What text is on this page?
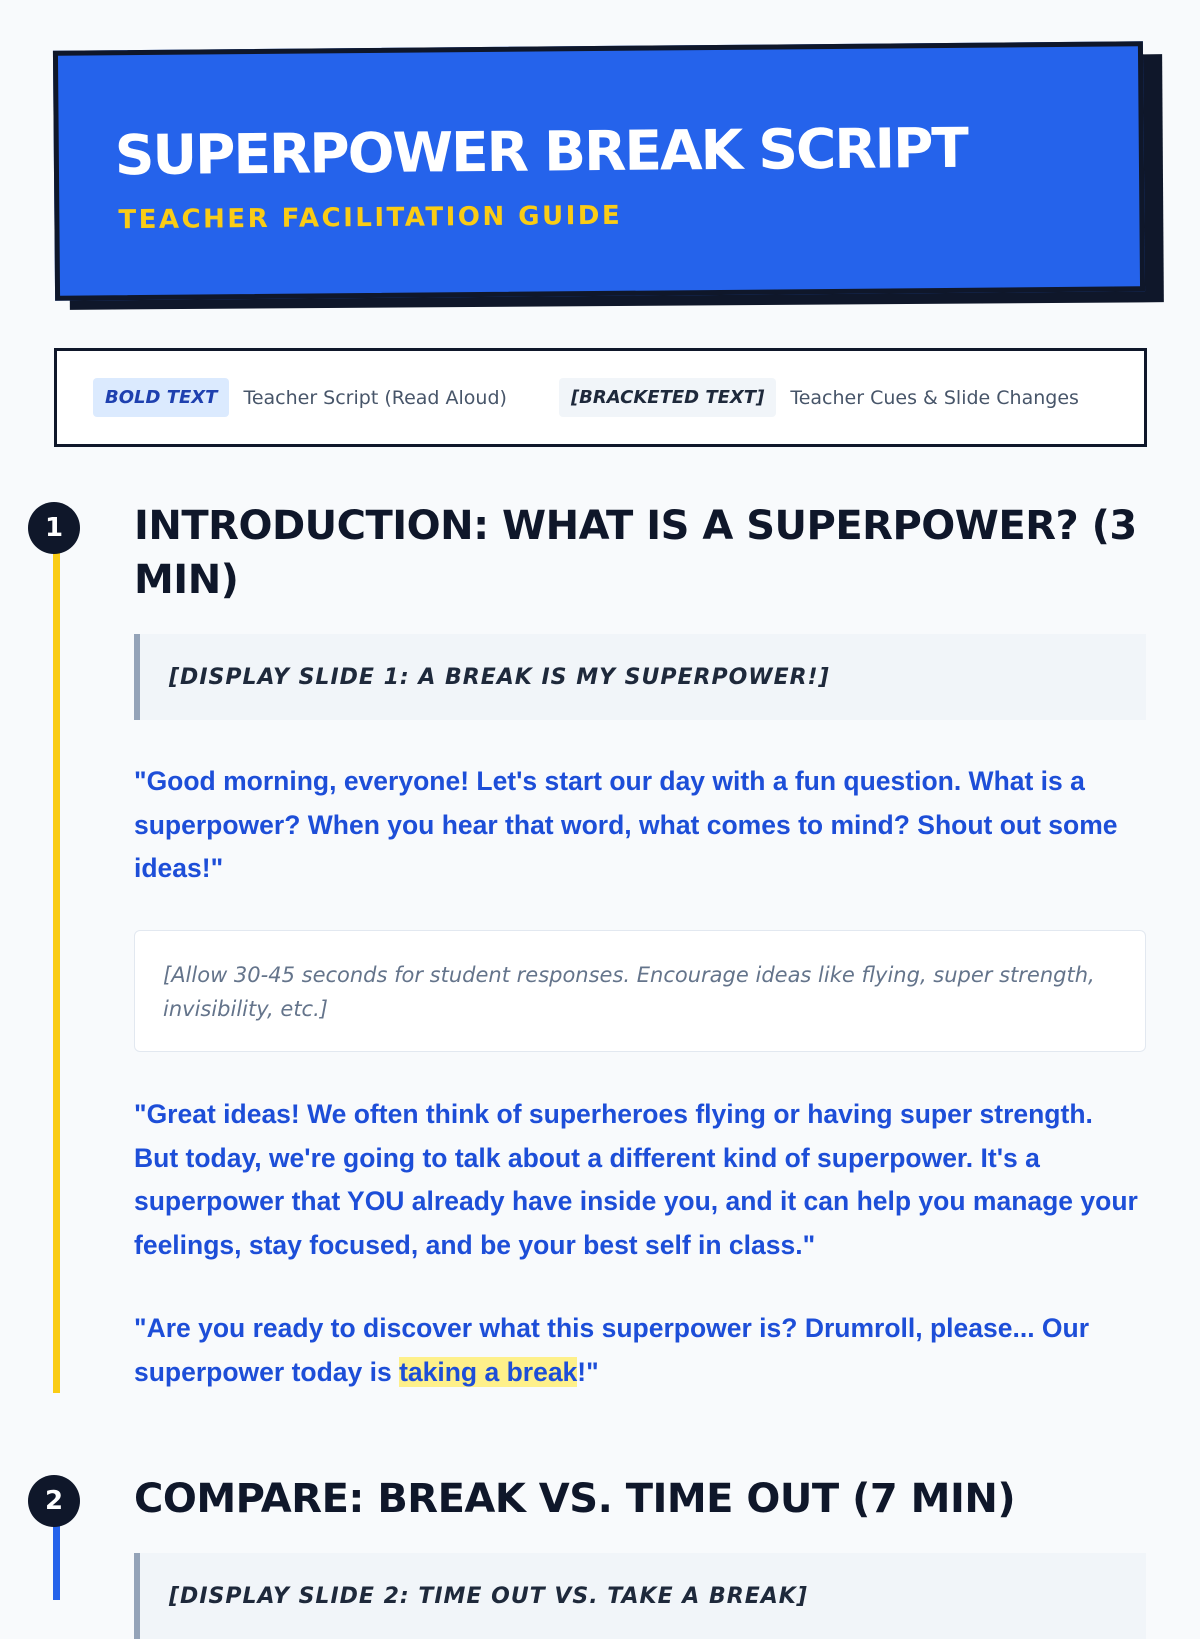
SUPERPOWER BREAK SCRIPT
TEACHER FACILITATION GUIDE
BOLD TEXT	Teacher Script (Read Aloud)	[BRACKETED TEXT]	Teacher Cues & Slide Changes
1	INTRODUCTION: WHAT IS A SUPERPOWER? (3 MIN)
[DISPLAY SLIDE 1: A BREAK IS MY SUPERPOWER!]

"Good morning, everyone! Let's start our day with a fun question. What is a superpower? When you hear that word, what comes to mind? Shout out some ideas!"

[Allow 30-45 seconds for student responses. Encourage ideas like flying, super strength, invisibility, etc.]

"Great ideas! We often think of superheroes flying or having super strength. But today, we're going to talk about a different kind of superpower. It's a superpower that YOU already have inside you, and it can help you manage your feelings, stay focused, and be your best self in class."

"Are you ready to discover what this superpower is? Drumroll, please... Our superpower today is taking a break!"

2	COMPARE: BREAK VS. TIME OUT (7 MIN)
[DISPLAY SLIDE 2: TIME OUT VS. TAKE A BREAK]
